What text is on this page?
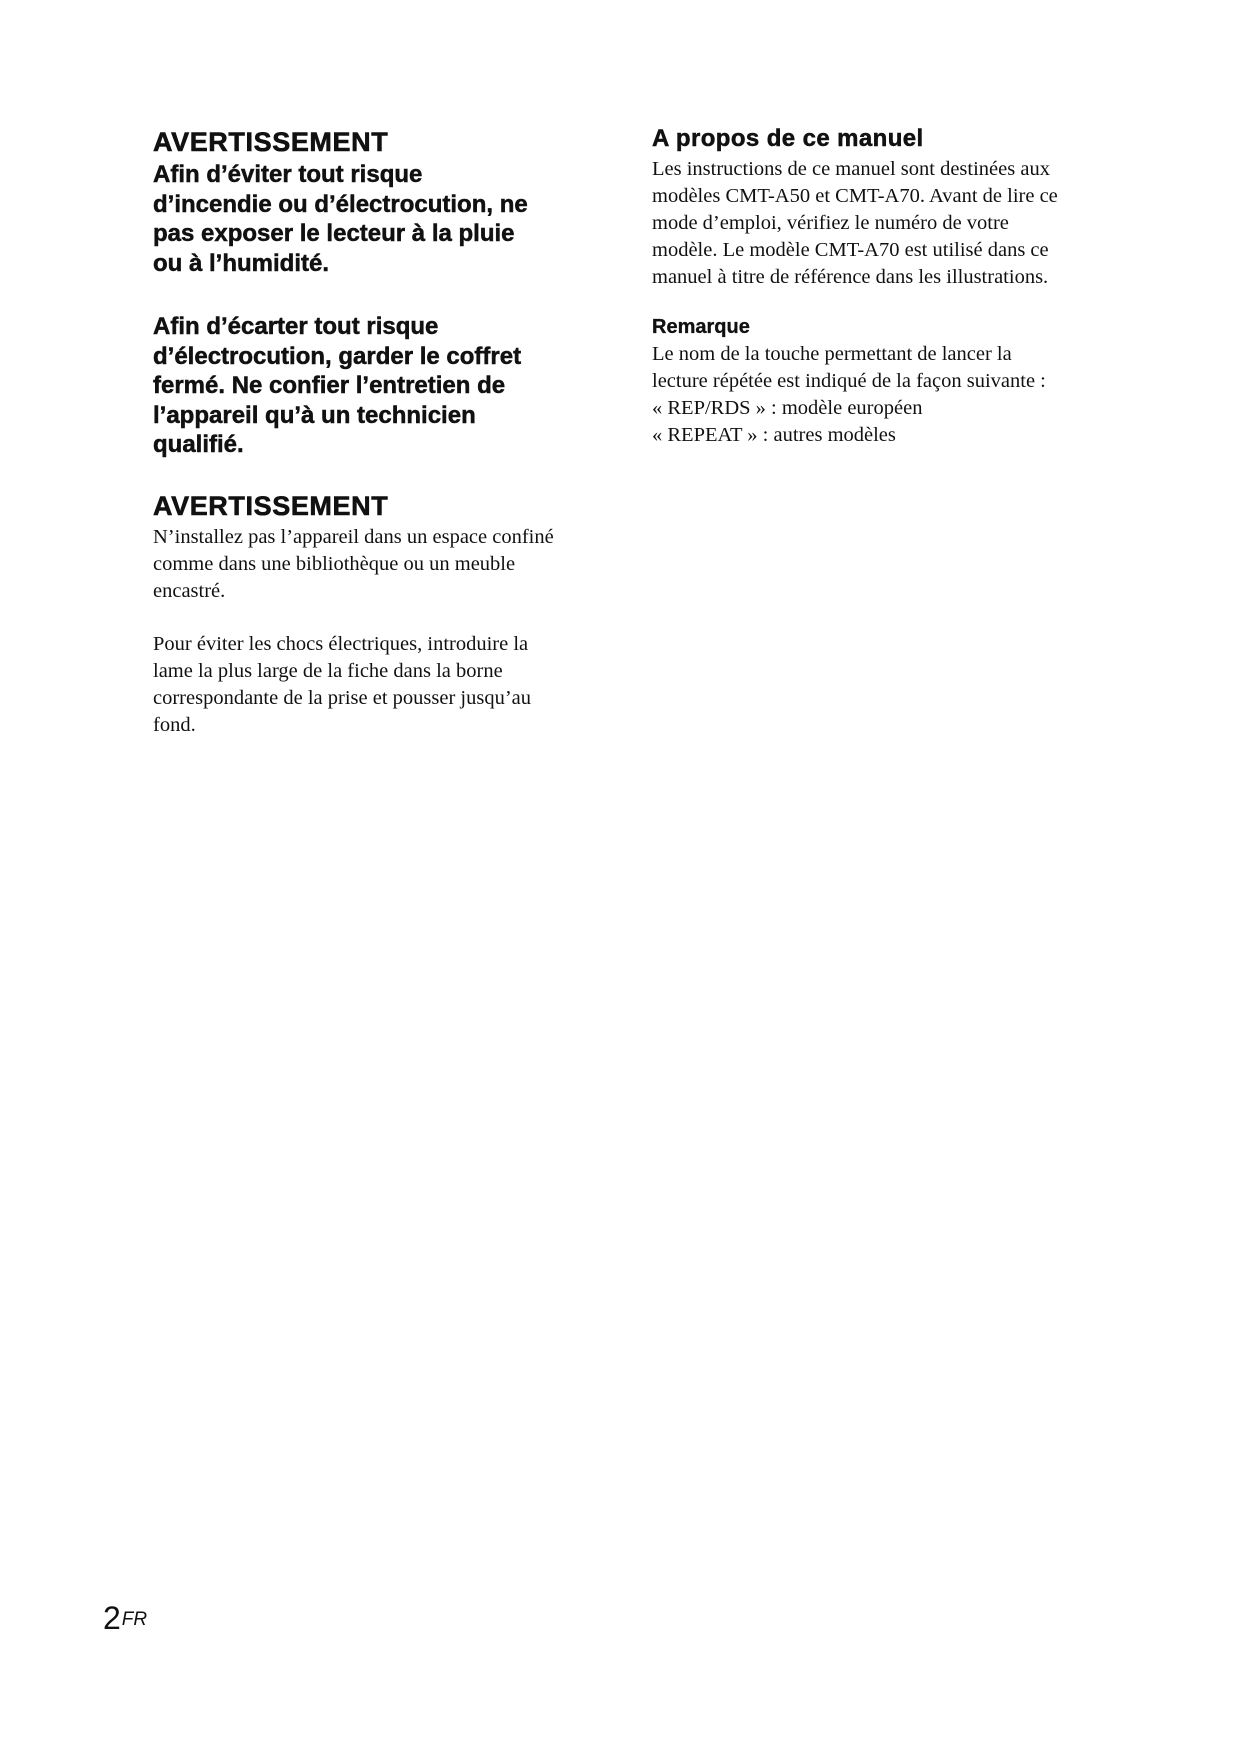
AVERTISSEMENT

Afin d’éviter tout risque
d’incendie ou d’électrocution, ne
pas exposer le lecteur à la pluie
ou à l’humidité.

Afin d’écarter tout risque
d’électrocution, garder le coffret
fermé. Ne confier l’entretien de
l’appareil qu’à un technicien
qualifié.

AVERTISSEMENT

N’installez pas l’appareil dans un espace confiné
comme dans une bibliothèque ou un meuble
encastré.

Pour éviter les chocs électriques, introduire la
lame la plus large de la fiche dans la borne
correspondante de la prise et pousser jusqu’au
fond.

A propos de ce manuel

Les instructions de ce manuel sont destinées aux
modèles CMT-A50 et CMT-A70. Avant de lire ce
mode d’emploi, vérifiez le numéro de votre
modèle. Le modèle CMT-A70 est utilisé dans ce
manuel à titre de référence dans les illustrations.

Remarque

Le nom de la touche permettant de lancer la
lecture répétée est indiqué de la façon suivante :
« REP/RDS » : modèle européen
« REPEAT » : autres modèles

$2^{FR}$
